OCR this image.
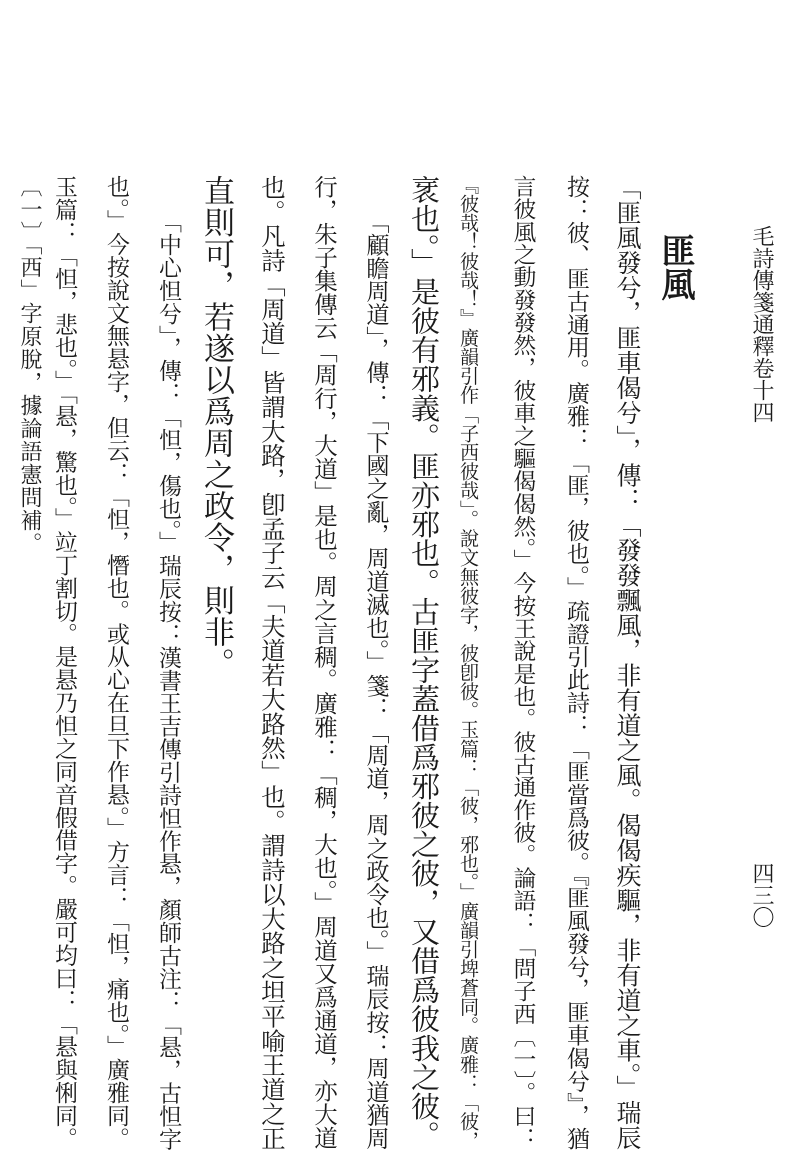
毛詩傳箋通釋卷十四
四三〇
匪風
「匪風發兮，匪車偈兮」，傳：「發發飄風，非有道之風。偈偈疾驅，非有道之車。」瑞辰
按：彼、匪古通用。廣雅：「匪，彼也。」疏證引此詩：「匪當爲彼。『匪風發兮，匪車偈兮』，猶
言彼風之動發發然，彼車之驅偈偈然。」今按王說是也。彼古通作彼。論語：「問子西〔一〕。曰：
『彼哉！彼哉！』廣韻引作「子西彼哉」。說文無彼字，彼卽彼。玉篇：「彼，邪也。」廣韻引埤蒼同。廣雅：「彼，
衺也。」是彼有邪義。匪亦邪也。古匪字蓋借爲邪彼之彼，又借爲彼我之彼。
「顧瞻周道」，傳：「下國之亂，周道滅也。」箋：「周道，周之政令也。」瑞辰按：周道猶周
行，朱子集傳云「周行，大道」是也。周之言稠。廣雅：「稠，大也。」周道又爲通道，亦大道
也。凡詩「周道」皆謂大路，卽孟子云「夫道若大路然」也。謂詩以大路之坦平喻王道之正
直則可，若遂以爲周之政令，則非。
「中心怛兮」，傳：「怛，傷也。」瑞辰按：漢書王吉傳引詩怛作悬，顏師古注：「悬，古怛字
也。」今按說文無悬字，但云：「怛，憯也。或从心在旦下作悬。」方言：「怛，痛也。」廣雅同。
玉篇：「怛，悲也。」「悬，驚也。」竝丁割切。是悬乃怛之同音假借字。嚴可均曰：「悬與悧同。
〔一〕「西」字原脫，據論語憲問補。
